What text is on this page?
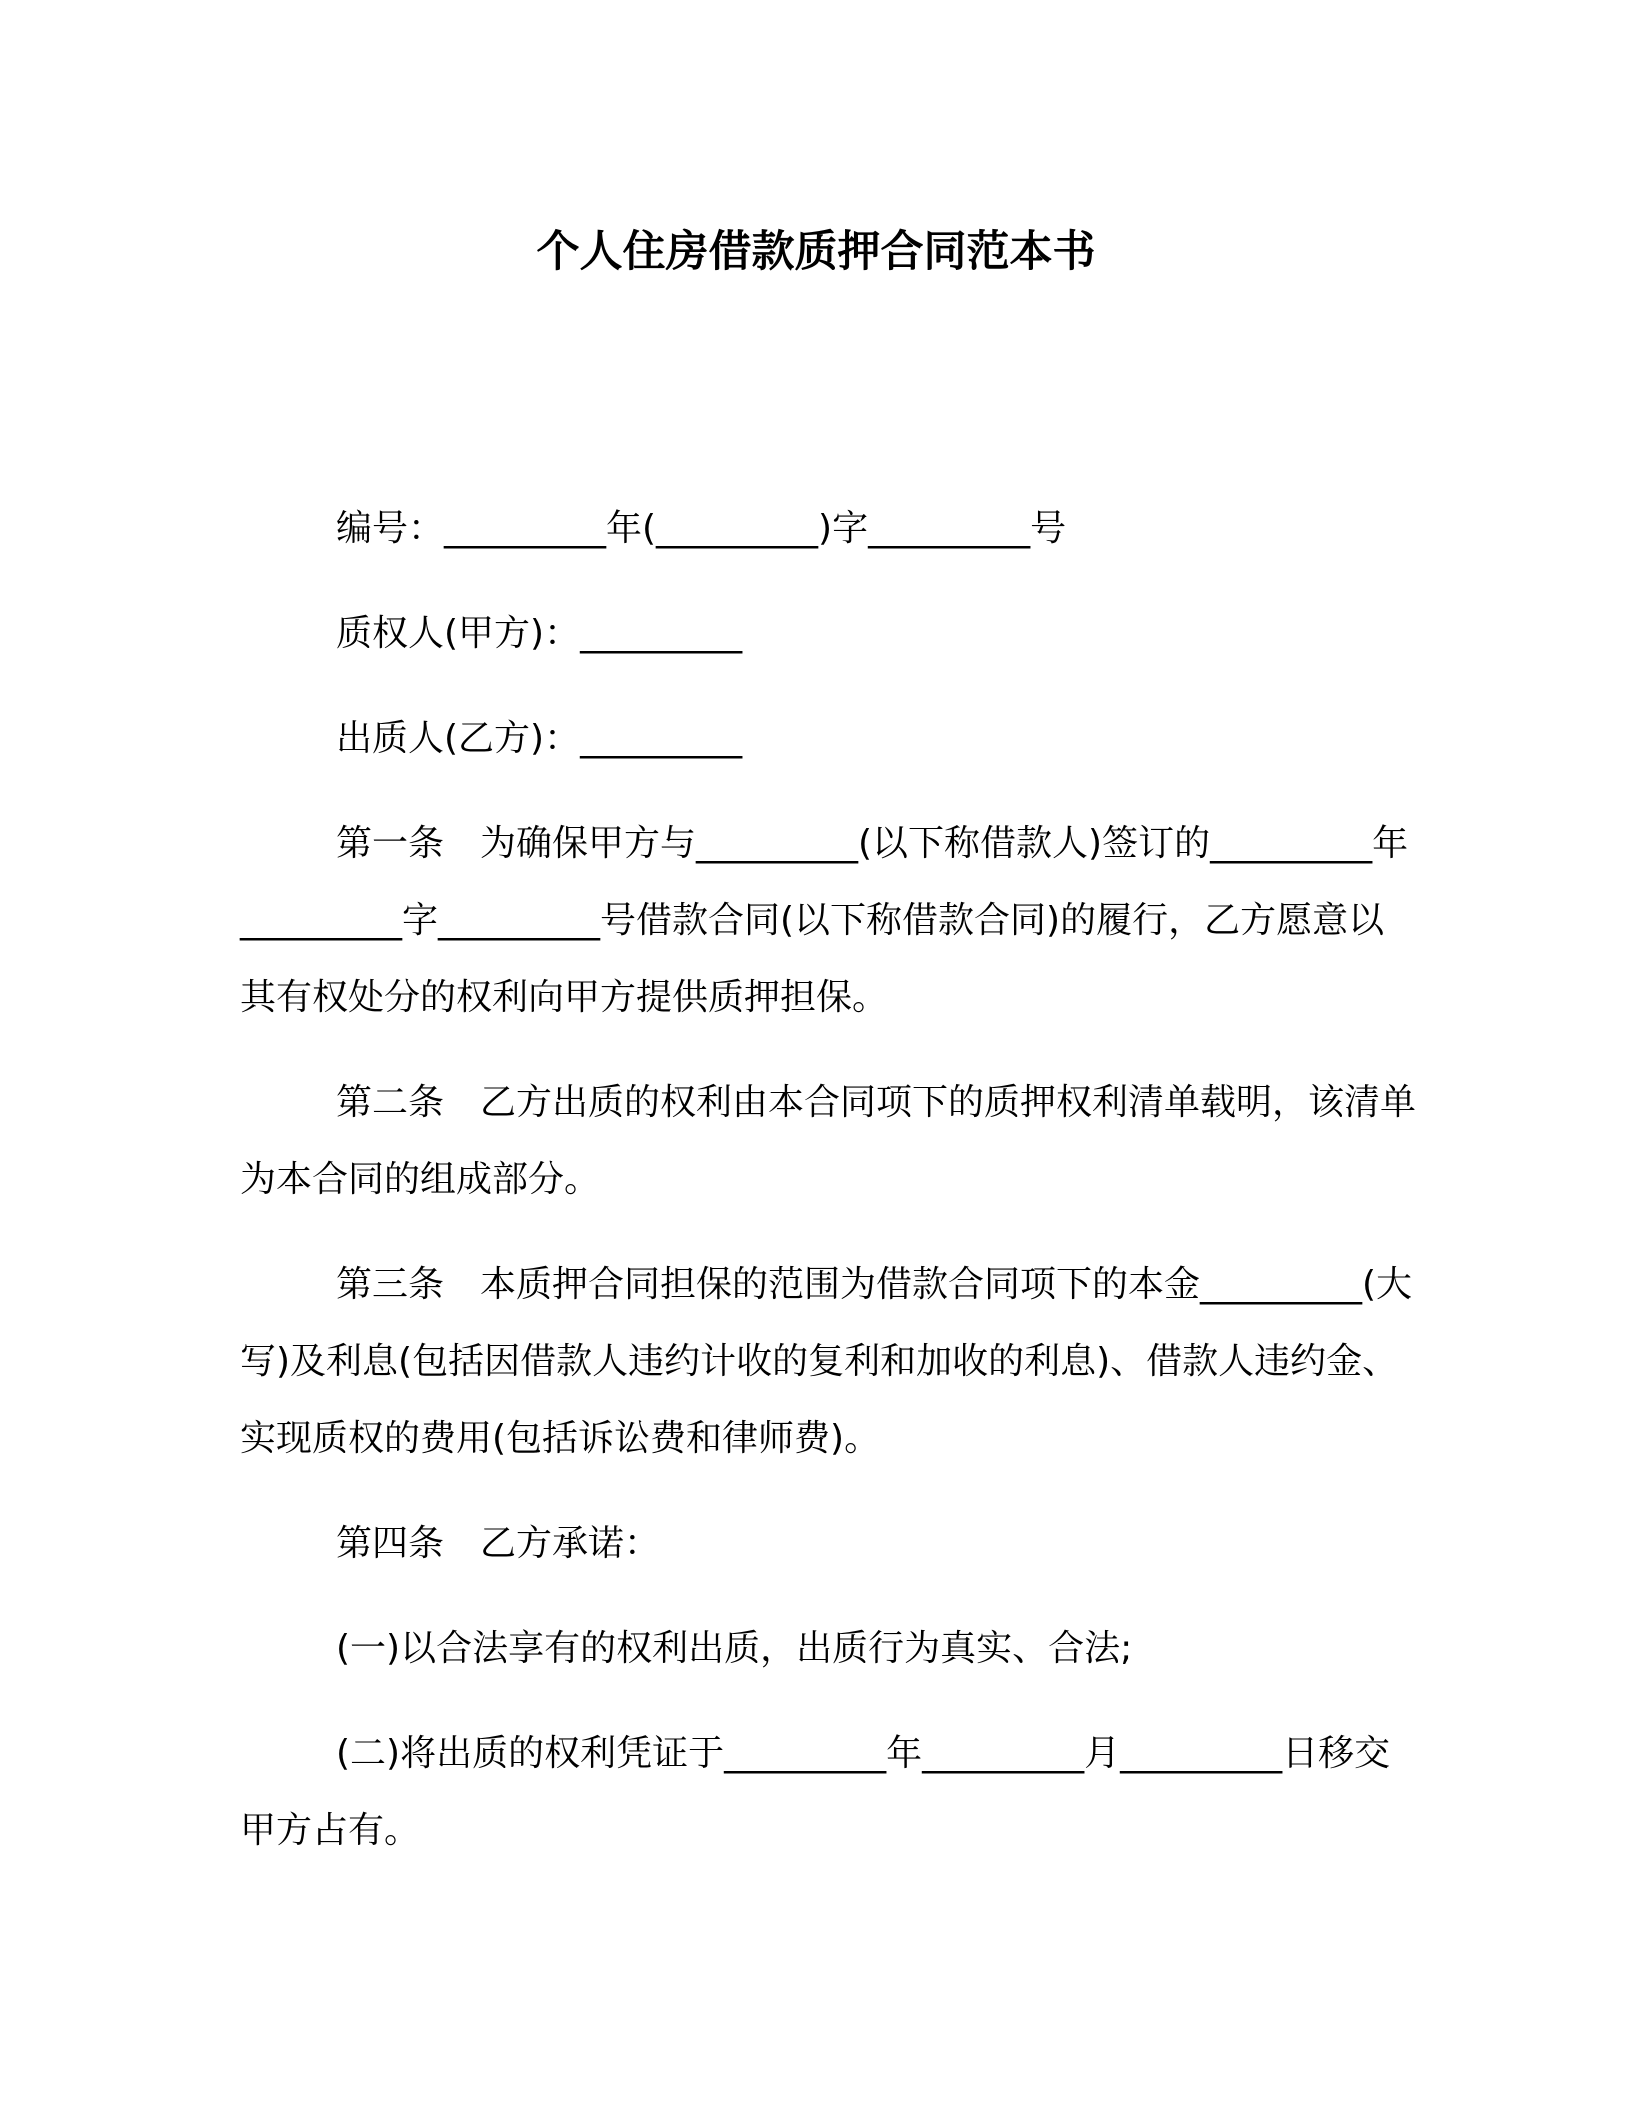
个人住房借款质押合同范本书

编号：_________年(_________)字_________号

质权人(甲方)：_________

出质人(乙方)：_________

第一条　为确保甲方与_________(以下称借款人)签订的_________年_________字_________号借款合同(以下称借款合同)的履行，乙方愿意以其有权处分的权利向甲方提供质押担保。

第二条　乙方出质的权利由本合同项下的质押权利清单载明，该清单为本合同的组成部分。

第三条　本质押合同担保的范围为借款合同项下的本金_________(大写)及利息(包括因借款人违约计收的复利和加收的利息)、借款人违约金、实现质权的费用(包括诉讼费和律师费)。

第四条　乙方承诺：

(一)以合法享有的权利出质，出质行为真实、合法;

(二)将出质的权利凭证于_________年_________月_________日移交甲方占有。
